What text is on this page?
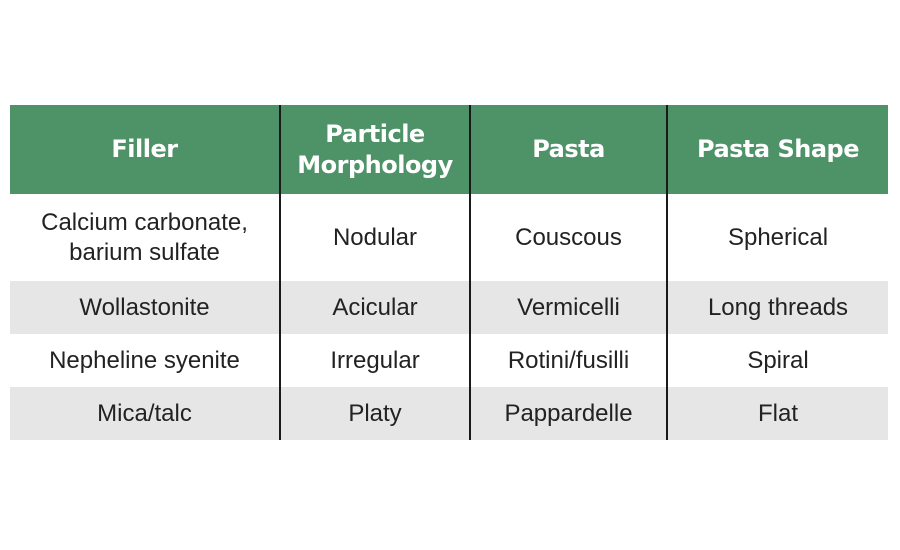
Filler	Particle Morphology	Pasta	Pasta Shape
Calcium carbonate, barium sulfate	Nodular	Couscous	Spherical
Wollastonite	Acicular	Vermicelli	Long threads
Nepheline syenite	Irregular	Rotini/fusilli	Spiral
Mica/talc	Platy	Pappardelle	Flat
